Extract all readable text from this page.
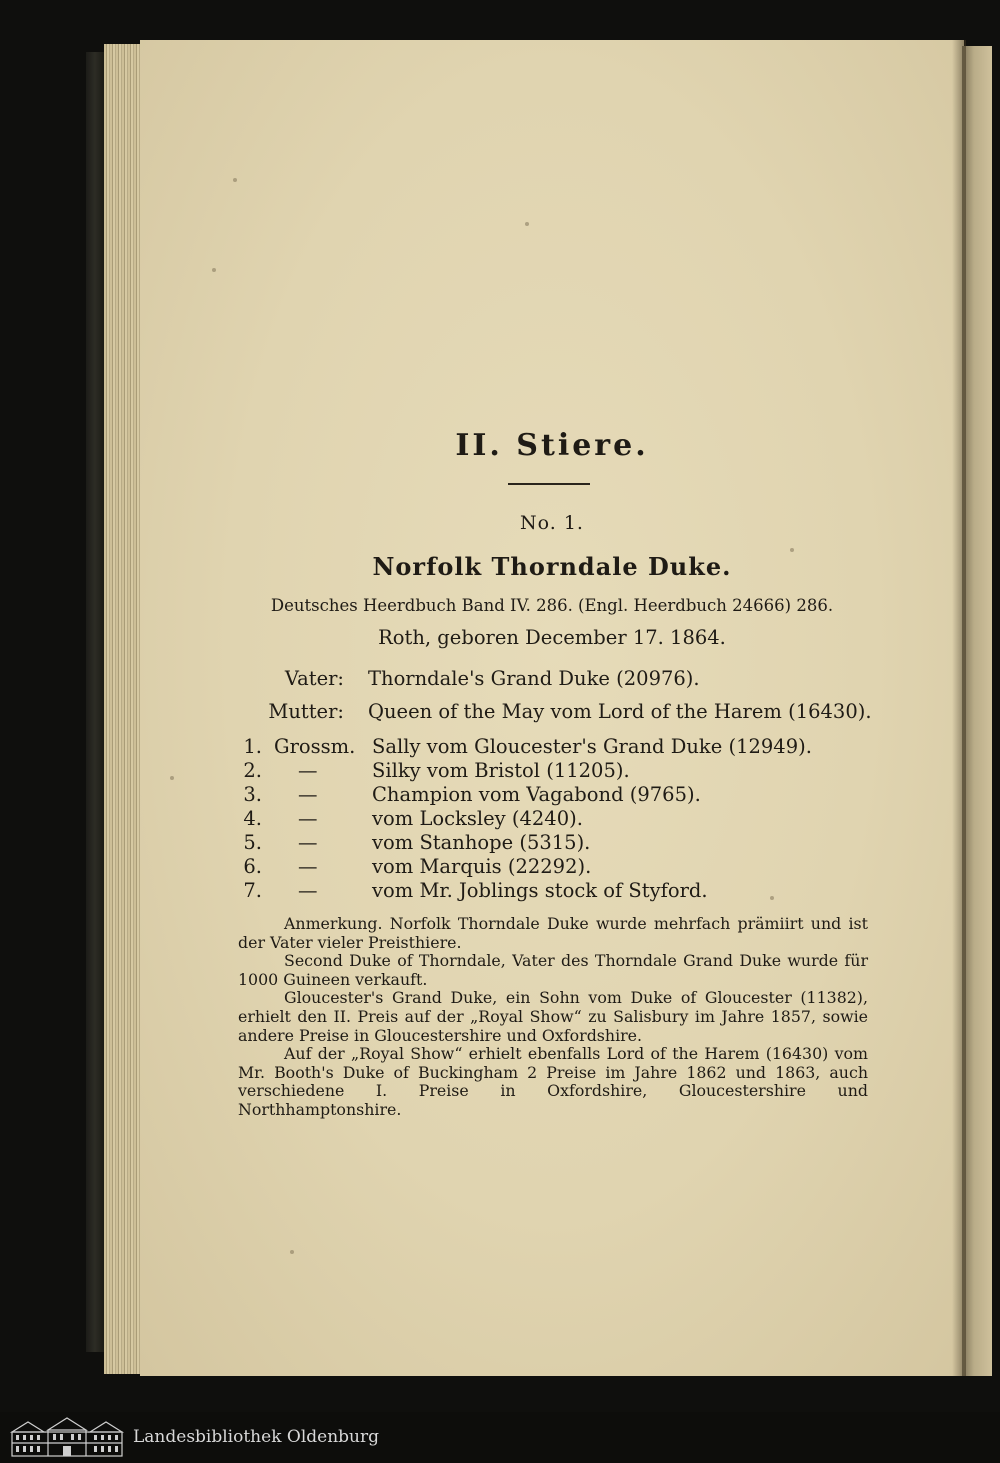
II. Stiere.
No. 1.
Norfolk Thorndale Duke.
Deutsches Heerdbuch Band IV. 286. (Engl. Heerdbuch 24666) 286.
Roth, geboren December 17. 1864.
Vater: Thorndale's Grand Duke (20976).
Mutter: Queen of the May vom Lord of the Harem (16430).
1. Grossm. Sally vom Gloucester's Grand Duke (12949).
2. —	Silky vom Bristol (11205).
3. —	Champion vom Vagabond (9765).
4. —	vom Locksley (4240).
5. —	vom Stanhope (5315).
6. —	vom Marquis (22292).
7. —	vom Mr. Joblings stock of Styford.

Anmerkung. Norfolk Thorndale Duke wurde mehrfach prämiirt und ist der Vater vieler Preisthiere.

Second Duke of Thorndale, Vater des Thorndale Grand Duke wurde für 1000 Guineen verkauft.

Gloucester's Grand Duke, ein Sohn vom Duke of Gloucester (11382), erhielt den II. Preis auf der „Royal Show“ zu Salisbury im Jahre 1857, sowie andere Preise in Gloucestershire und Oxfordshire.

Auf der „Royal Show“ erhielt ebenfalls Lord of the Harem (16430) vom Mr. Booth's Duke of Buckingham 2 Preise im Jahre 1862 und 1863, auch verschiedene I. Preise in Oxfordshire, Gloucestershire und Northhamptonshire.

Landesbibliothek Oldenburg
